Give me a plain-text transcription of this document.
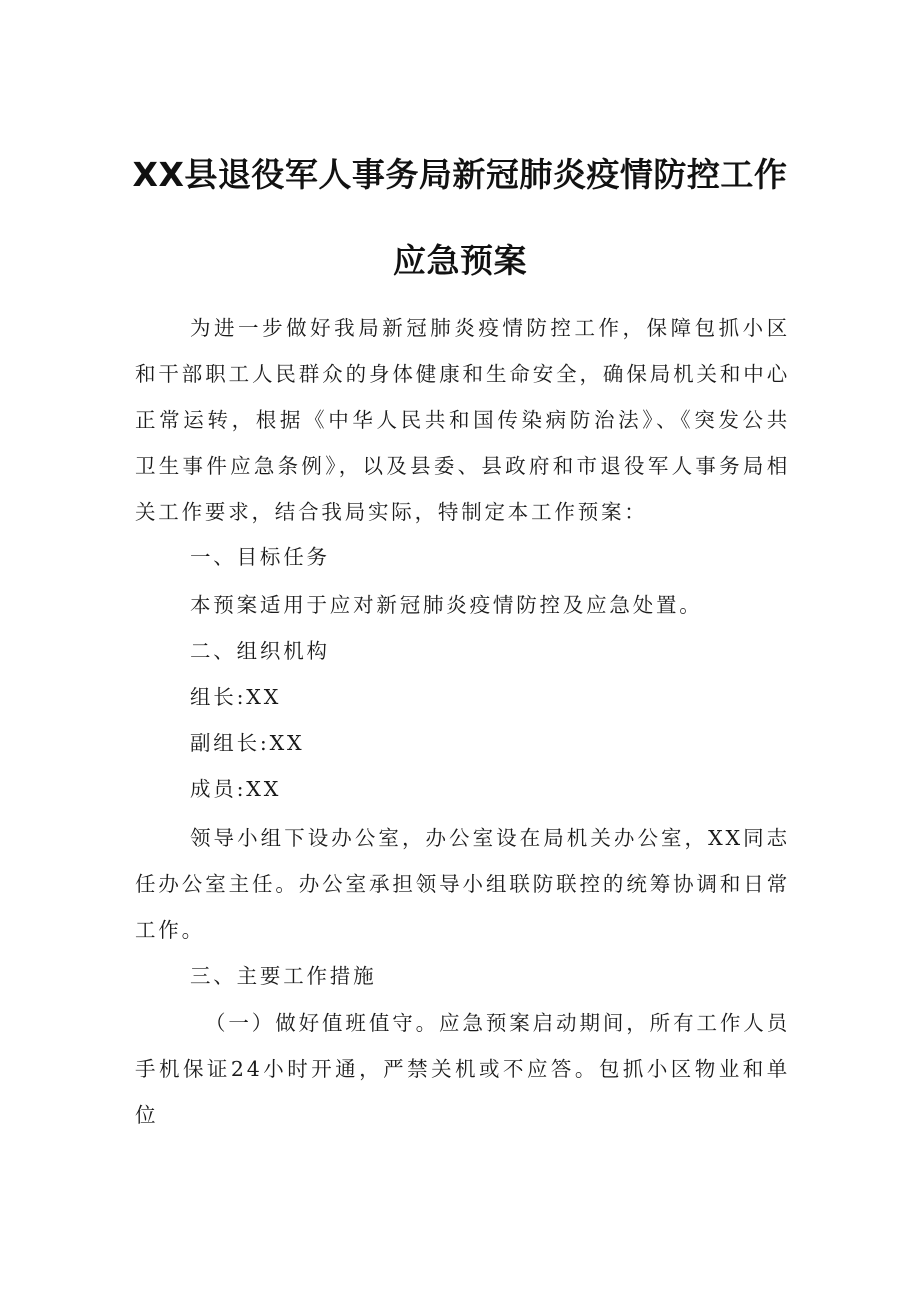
XX县退役军人事务局新冠肺炎疫情防控工作
应急预案

为进一步做好我局新冠肺炎疫情防控工作，保障包抓小区和干部职工人民群众的身体健康和生命安全，确保局机关和中心正常运转，根据《中华人民共和国传染病防治法》、《突发公共卫生事件应急条例》，以及县委、县政府和市退役军人事务局相关工作要求，结合我局实际，特制定本工作预案：

一、目标任务
本预案适用于应对新冠肺炎疫情防控及应急处置。
二、组织机构
组长:XX
副组长:XX
成员:XX

领导小组下设办公室，办公室设在局机关办公室，XX同志任办公室主任。办公室承担领导小组联防联控的统筹协调和日常工作。

三、主要工作措施

（一）做好值班值守。应急预案启动期间，所有工作人员手机保证24小时开通，严禁关机或不应答。包抓小区物业和单位
